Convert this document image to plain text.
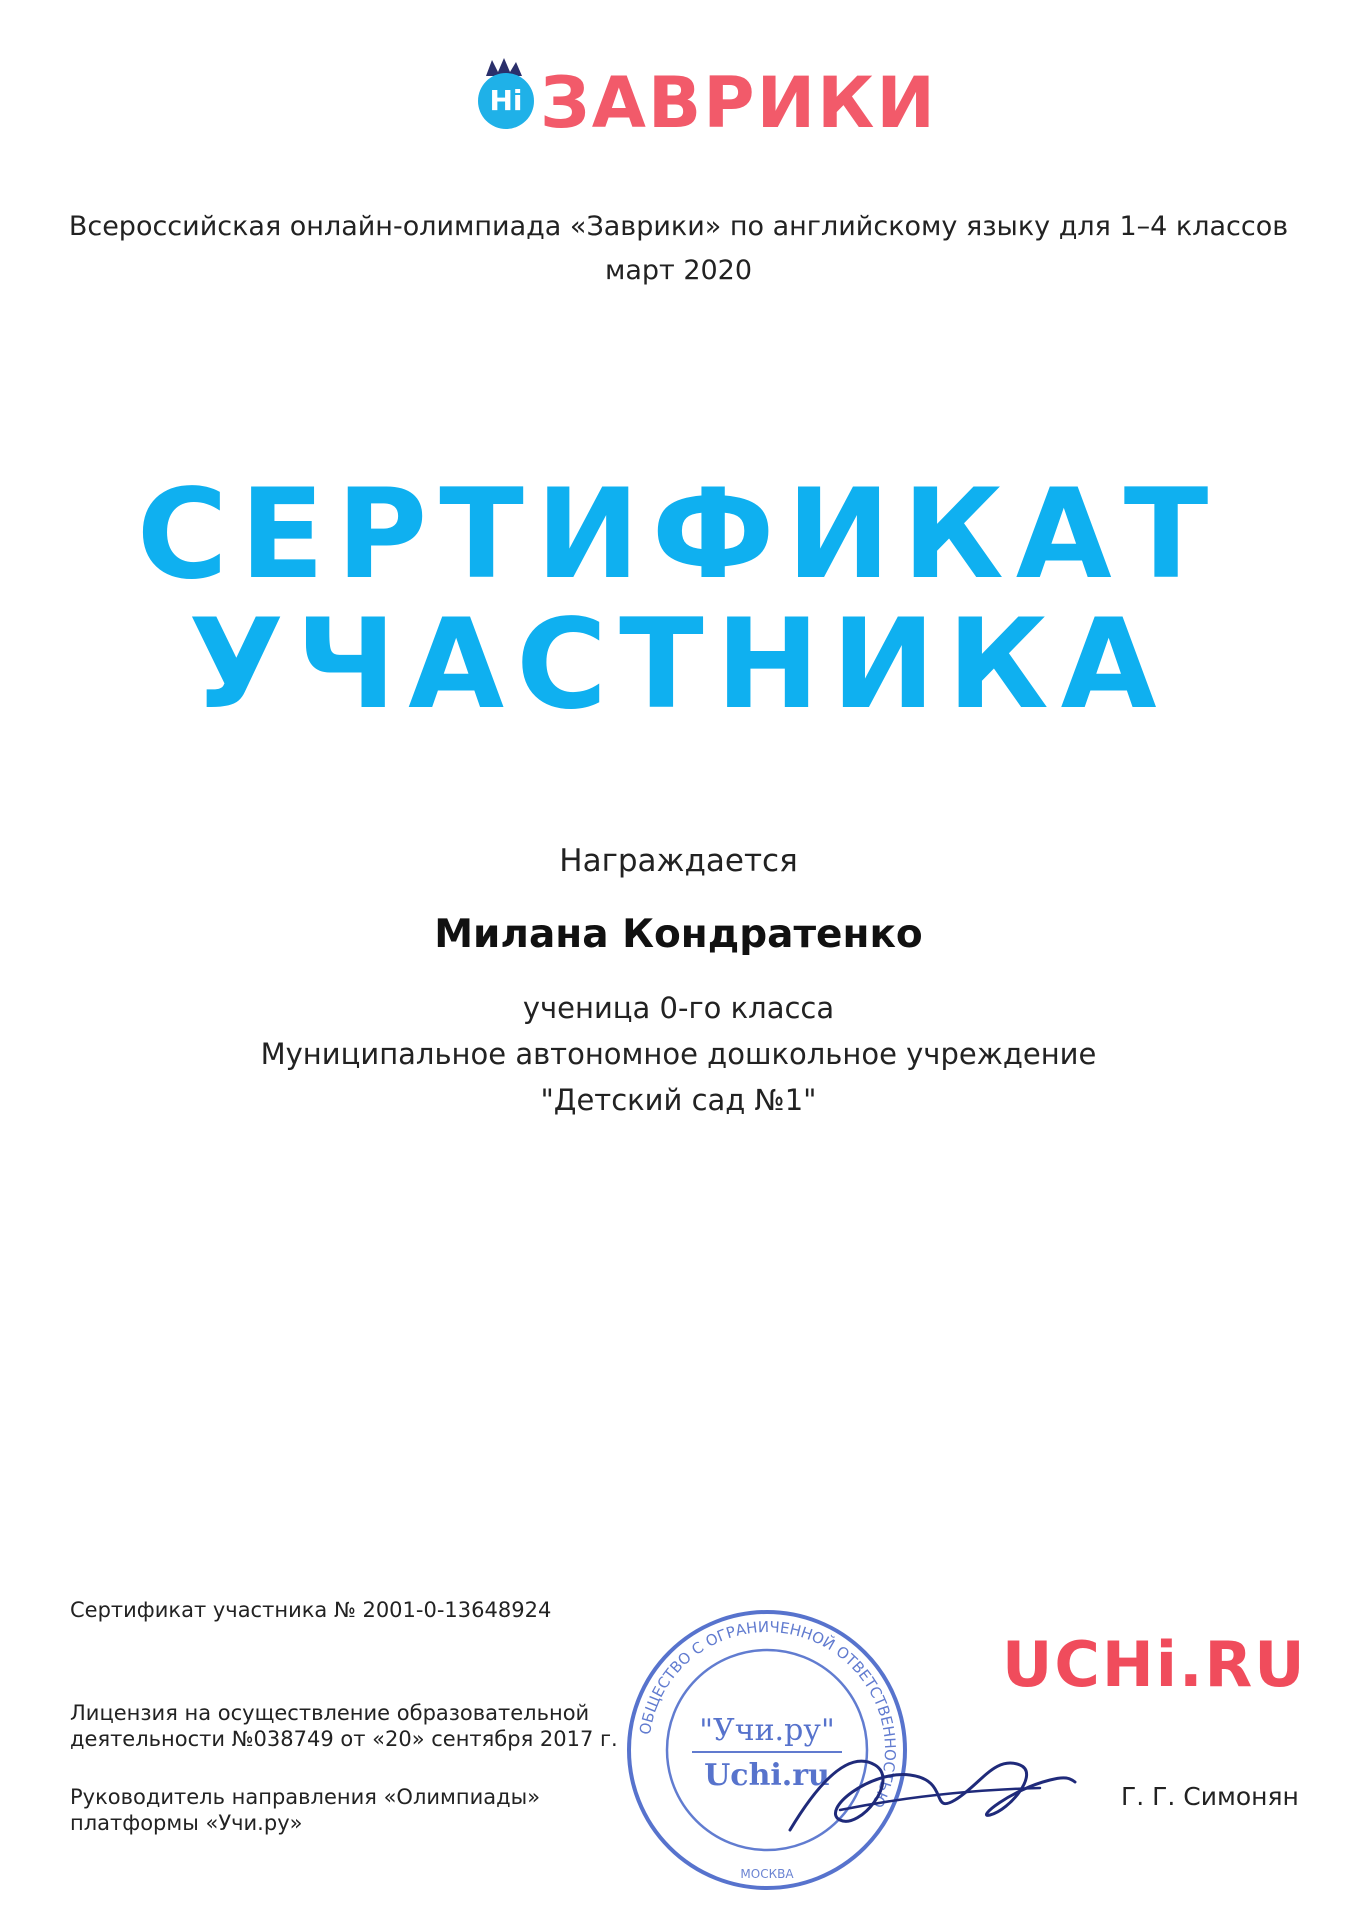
Hi ЗАВРИКИ
Всероссийская онлайн-олимпиада «Заврики» по английскому языку для 1–4 классов
март 2020
СЕРТИФИКАТ
УЧАСТНИКА
Награждается
Милана Кондратенко
ученица 0-го класса
Муниципальное автономное дошкольное учреждение
"Детский сад №1"
Сертификат участника № 2001-0-13648924
Лицензия на осуществление образовательной
деятельности №038749 от «20» сентября 2017 г.
Руководитель направления «Олимпиады»
платформы «Учи.ру»
Г. Г. Симонян
UCHi.RU
ОБЩЕСТВО С ОГРАНИЧЕННОЙ ОТВЕТСТВЕННОСТЬЮ
"Учи.ру"
Uchi.ru
МОСКВА
